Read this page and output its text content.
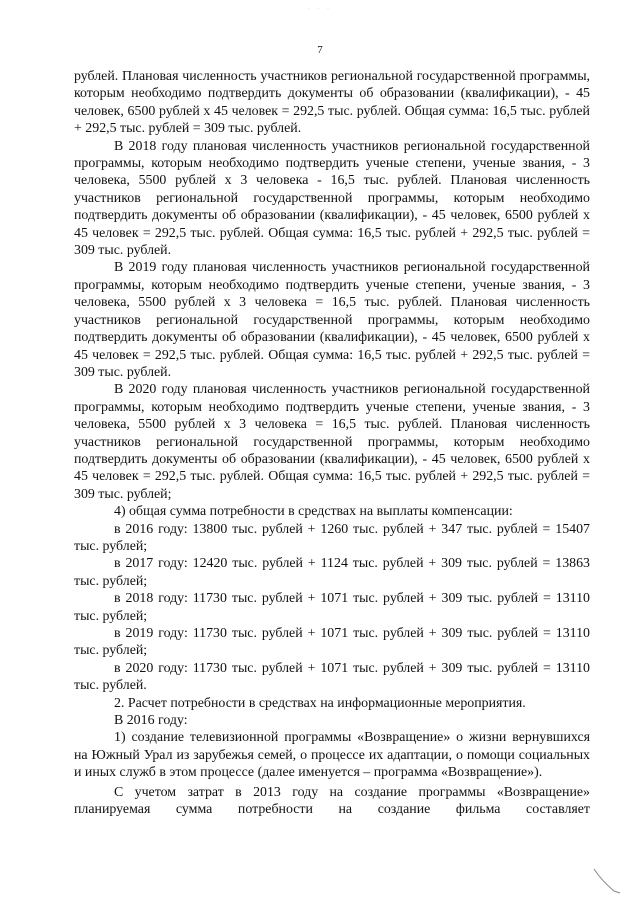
· · ·
7

рублей. Плановая численность участников региональной государственной программы, которым необходимо подтвердить документы об образовании (квалификации), - 45 человек, 6500 рублей х 45 человек = 292,5 тыс. рублей. Общая сумма: 16,5 тыс. рублей + 292,5 тыс. рублей = 309 тыс. рублей.

В 2018 году плановая численность участников региональной государственной программы, которым необходимо подтвердить ученые степени, ученые звания, - 3 человека, 5500 рублей х 3 человека - 16,5 тыс. рублей. Плановая численность участников региональной государственной программы, которым необходимо подтвердить документы об образовании (квалификации), - 45 человек, 6500 рублей х 45 человек = 292,5 тыс. рублей. Общая сумма: 16,5 тыс. рублей + 292,5 тыс. рублей = 309 тыс. рублей.

В 2019 году плановая численность участников региональной государственной программы, которым необходимо подтвердить ученые степени, ученые звания, - 3 человека, 5500 рублей х 3 человека = 16,5 тыс. рублей. Плановая численность участников региональной государственной программы, которым необходимо подтвердить документы об образовании (квалификации), - 45 человек, 6500 рублей х 45 человек = 292,5 тыс. рублей. Общая сумма: 16,5 тыс. рублей + 292,5 тыс. рублей = 309 тыс. рублей.

В 2020 году плановая численность участников региональной государственной программы, которым необходимо подтвердить ученые степени, ученые звания, - 3 человека, 5500 рублей х 3 человека = 16,5 тыс. рублей. Плановая численность участников региональной государственной программы, которым необходимо подтвердить документы об образовании (квалификации), - 45 человек, 6500 рублей х 45 человек = 292,5 тыс. рублей. Общая сумма: 16,5 тыс. рублей + 292,5 тыс. рублей = 309 тыс. рублей;

4) общая сумма потребности в средствах на выплаты компенсации:

в 2016 году: 13800 тыс. рублей + 1260 тыс. рублей + 347 тыс. рублей = 15407 тыс. рублей;

в 2017 году: 12420 тыс. рублей + 1124 тыс. рублей + 309 тыс. рублей = 13863 тыс. рублей;

в 2018 году: 11730 тыс. рублей + 1071 тыс. рублей + 309 тыс. рублей = 13110 тыс. рублей;

в 2019 году: 11730 тыс. рублей + 1071 тыс. рублей + 309 тыс. рублей = 13110 тыс. рублей;

в 2020 году: 11730 тыс. рублей + 1071 тыс. рублей + 309 тыс. рублей = 13110 тыс. рублей.

2. Расчет потребности в средствах на информационные мероприятия.

В 2016 году:

1) создание телевизионной программы «Возвращение» о жизни вернувшихся на Южный Урал из зарубежья семей, о процессе их адаптации, о помощи социальных и иных служб в этом процессе (далее именуется – программа «Возвращение»).

С учетом затрат в 2013 году на создание программы «Возвращение» планируемая сумма потребности на создание фильма составляет
